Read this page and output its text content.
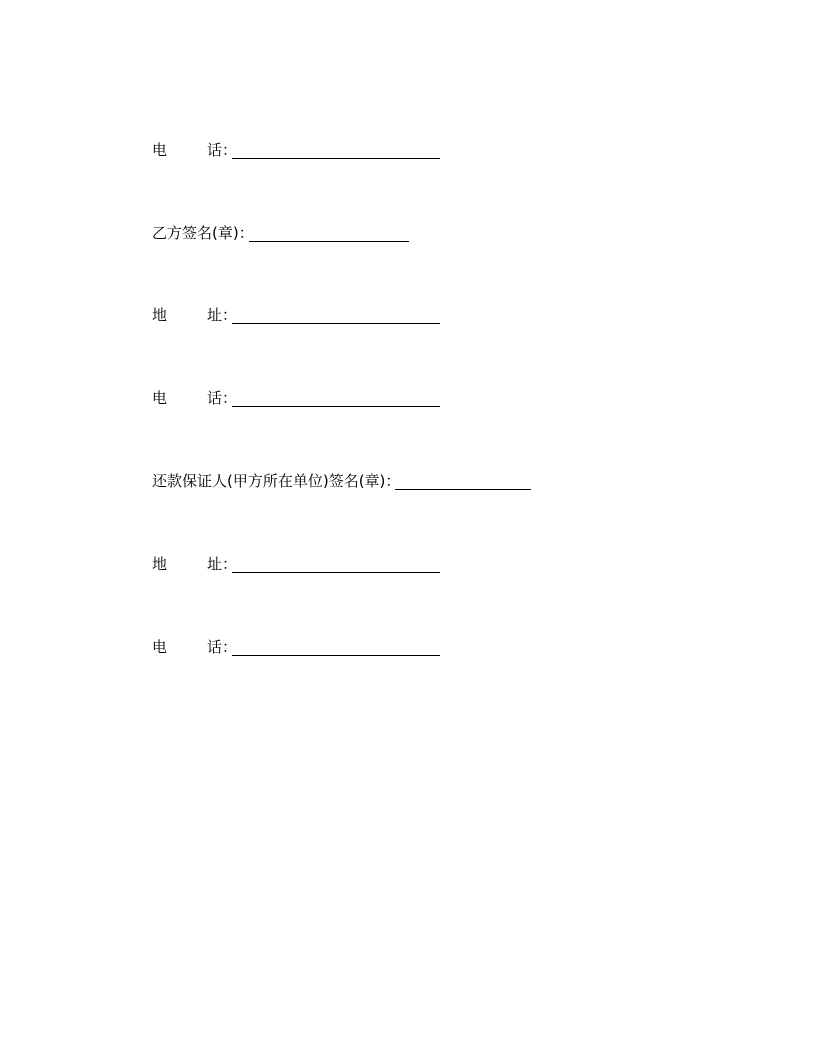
电	话 ：
乙方签名(章) ：
地	址 ：
电	话 ：
还款保证人(甲方所在单位)签名(章) ：
地	址 ：
电	话 ：
